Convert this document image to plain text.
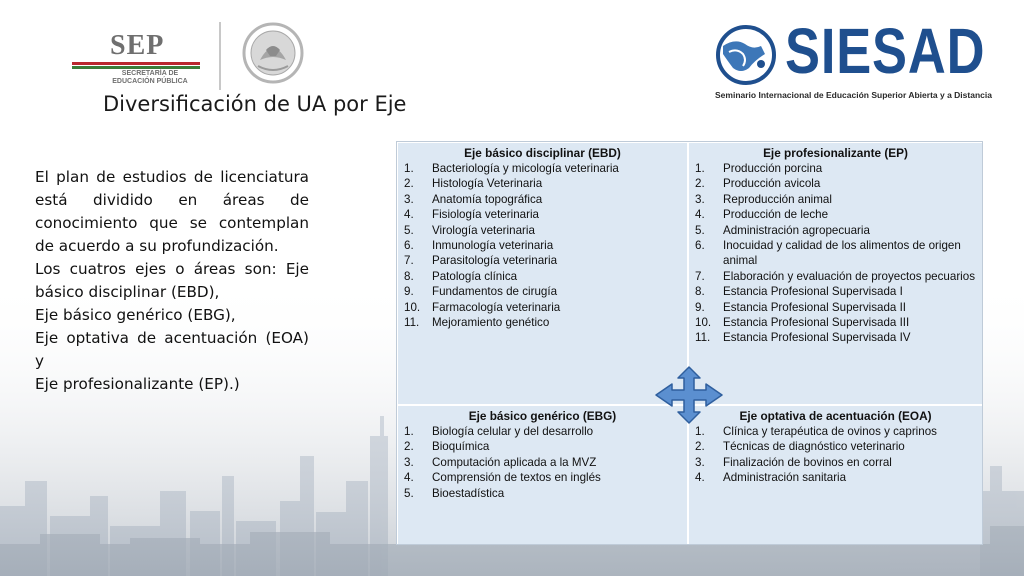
SEP
SECRETARÍA DE EDUCACIÓN PÚBLICA	SIESAD
Seminario Internacional de Educación Superior Abierta y a Distancia
Diversificación de UA por Eje

El plan de estudios de licenciatura está dividido en áreas de conocimiento que se contemplan de acuerdo a su profundización.

Los cuatros ejes o áreas son: Eje básico disciplinar (EBD),

Eje básico genérico (EBG),

Eje optativa de acentuación (EOA) y

Eje profesionalizante (EP).)

Eje básico disciplinar (EBD)
1.	Bacteriología y micología veterinaria
2.	Histología Veterinaria
3.	Anatomía topográfica
4.	Fisiología veterinaria
5.	Virología veterinaria
6.	Inmunología veterinaria
7.	Parasitología veterinaria
8.	Patología clínica
9.	Fundamentos de cirugía
10.	Farmacología veterinaria
11.	Mejoramiento genético
Eje profesionalizante (EP)
1.	Producción porcina
2.	Producción avicola
3.	Reproducción animal
4.	Producción de leche
5.	Administración agropecuaria
6.	Inocuidad y calidad de los alimentos de origen animal
7.	Elaboración y evaluación de proyectos pecuarios
8.	Estancia Profesional Supervisada I
9.	Estancia Profesional Supervisada II
10.	Estancia Profesional Supervisada III
11.	Estancia Profesional Supervisada IV
Eje básico genérico (EBG)
1.	Biología celular y del desarrollo
2.	Bioquímica
3.	Computación aplicada a la MVZ
4.	Comprensión de textos en inglés
5.	Bioestadística
Eje optativa de acentuación (EOA)
1.	Clínica y terapéutica de ovinos y caprinos
2.	Técnicas de diagnóstico veterinario
3.	Finalización de bovinos en corral
4.	Administración sanitaria
